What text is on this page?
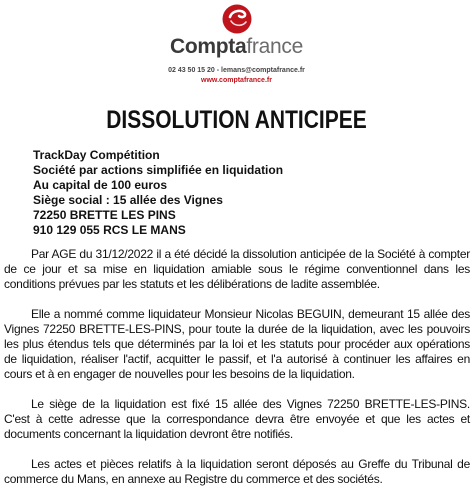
Comptafrance
02 43 50 15 20 - lemans@comptafrance.fr
www.comptafrance.fr
DISSOLUTION ANTICIPEE
TrackDay Compétition
Société par actions simplifiée en liquidation
Au capital de 100 euros
Siège social : 15 allée des Vignes
72250 BRETTE LES PINS
910 129 055 RCS LE MANS

Par AGE du 31/12/2022 il a été décidé la dissolution anticipée de la Société à compter de ce jour et sa mise en liquidation amiable sous le régime conventionnel dans les conditions prévues par les statuts et les délibérations de ladite assemblée.

Elle a nommé comme liquidateur Monsieur Nicolas BEGUIN, demeurant 15 allée des Vignes 72250 BRETTE-LES-PINS, pour toute la durée de la liquidation, avec les pouvoirs les plus étendus tels que déterminés par la loi et les statuts pour procéder aux opérations de liquidation, réaliser l'actif, acquitter le passif, et l'a autorisé à continuer les affaires en cours et à en engager de nouvelles pour les besoins de la liquidation.

Le siège de la liquidation est fixé 15 allée des Vignes 72250 BRETTE-LES-PINS. C'est à cette adresse que la correspondance devra être envoyée et que les actes et documents concernant la liquidation devront être notifiés.

Les actes et pièces relatifs à la liquidation seront déposés au Greffe du Tribunal de commerce du Mans, en annexe au Registre du commerce et des sociétés.
